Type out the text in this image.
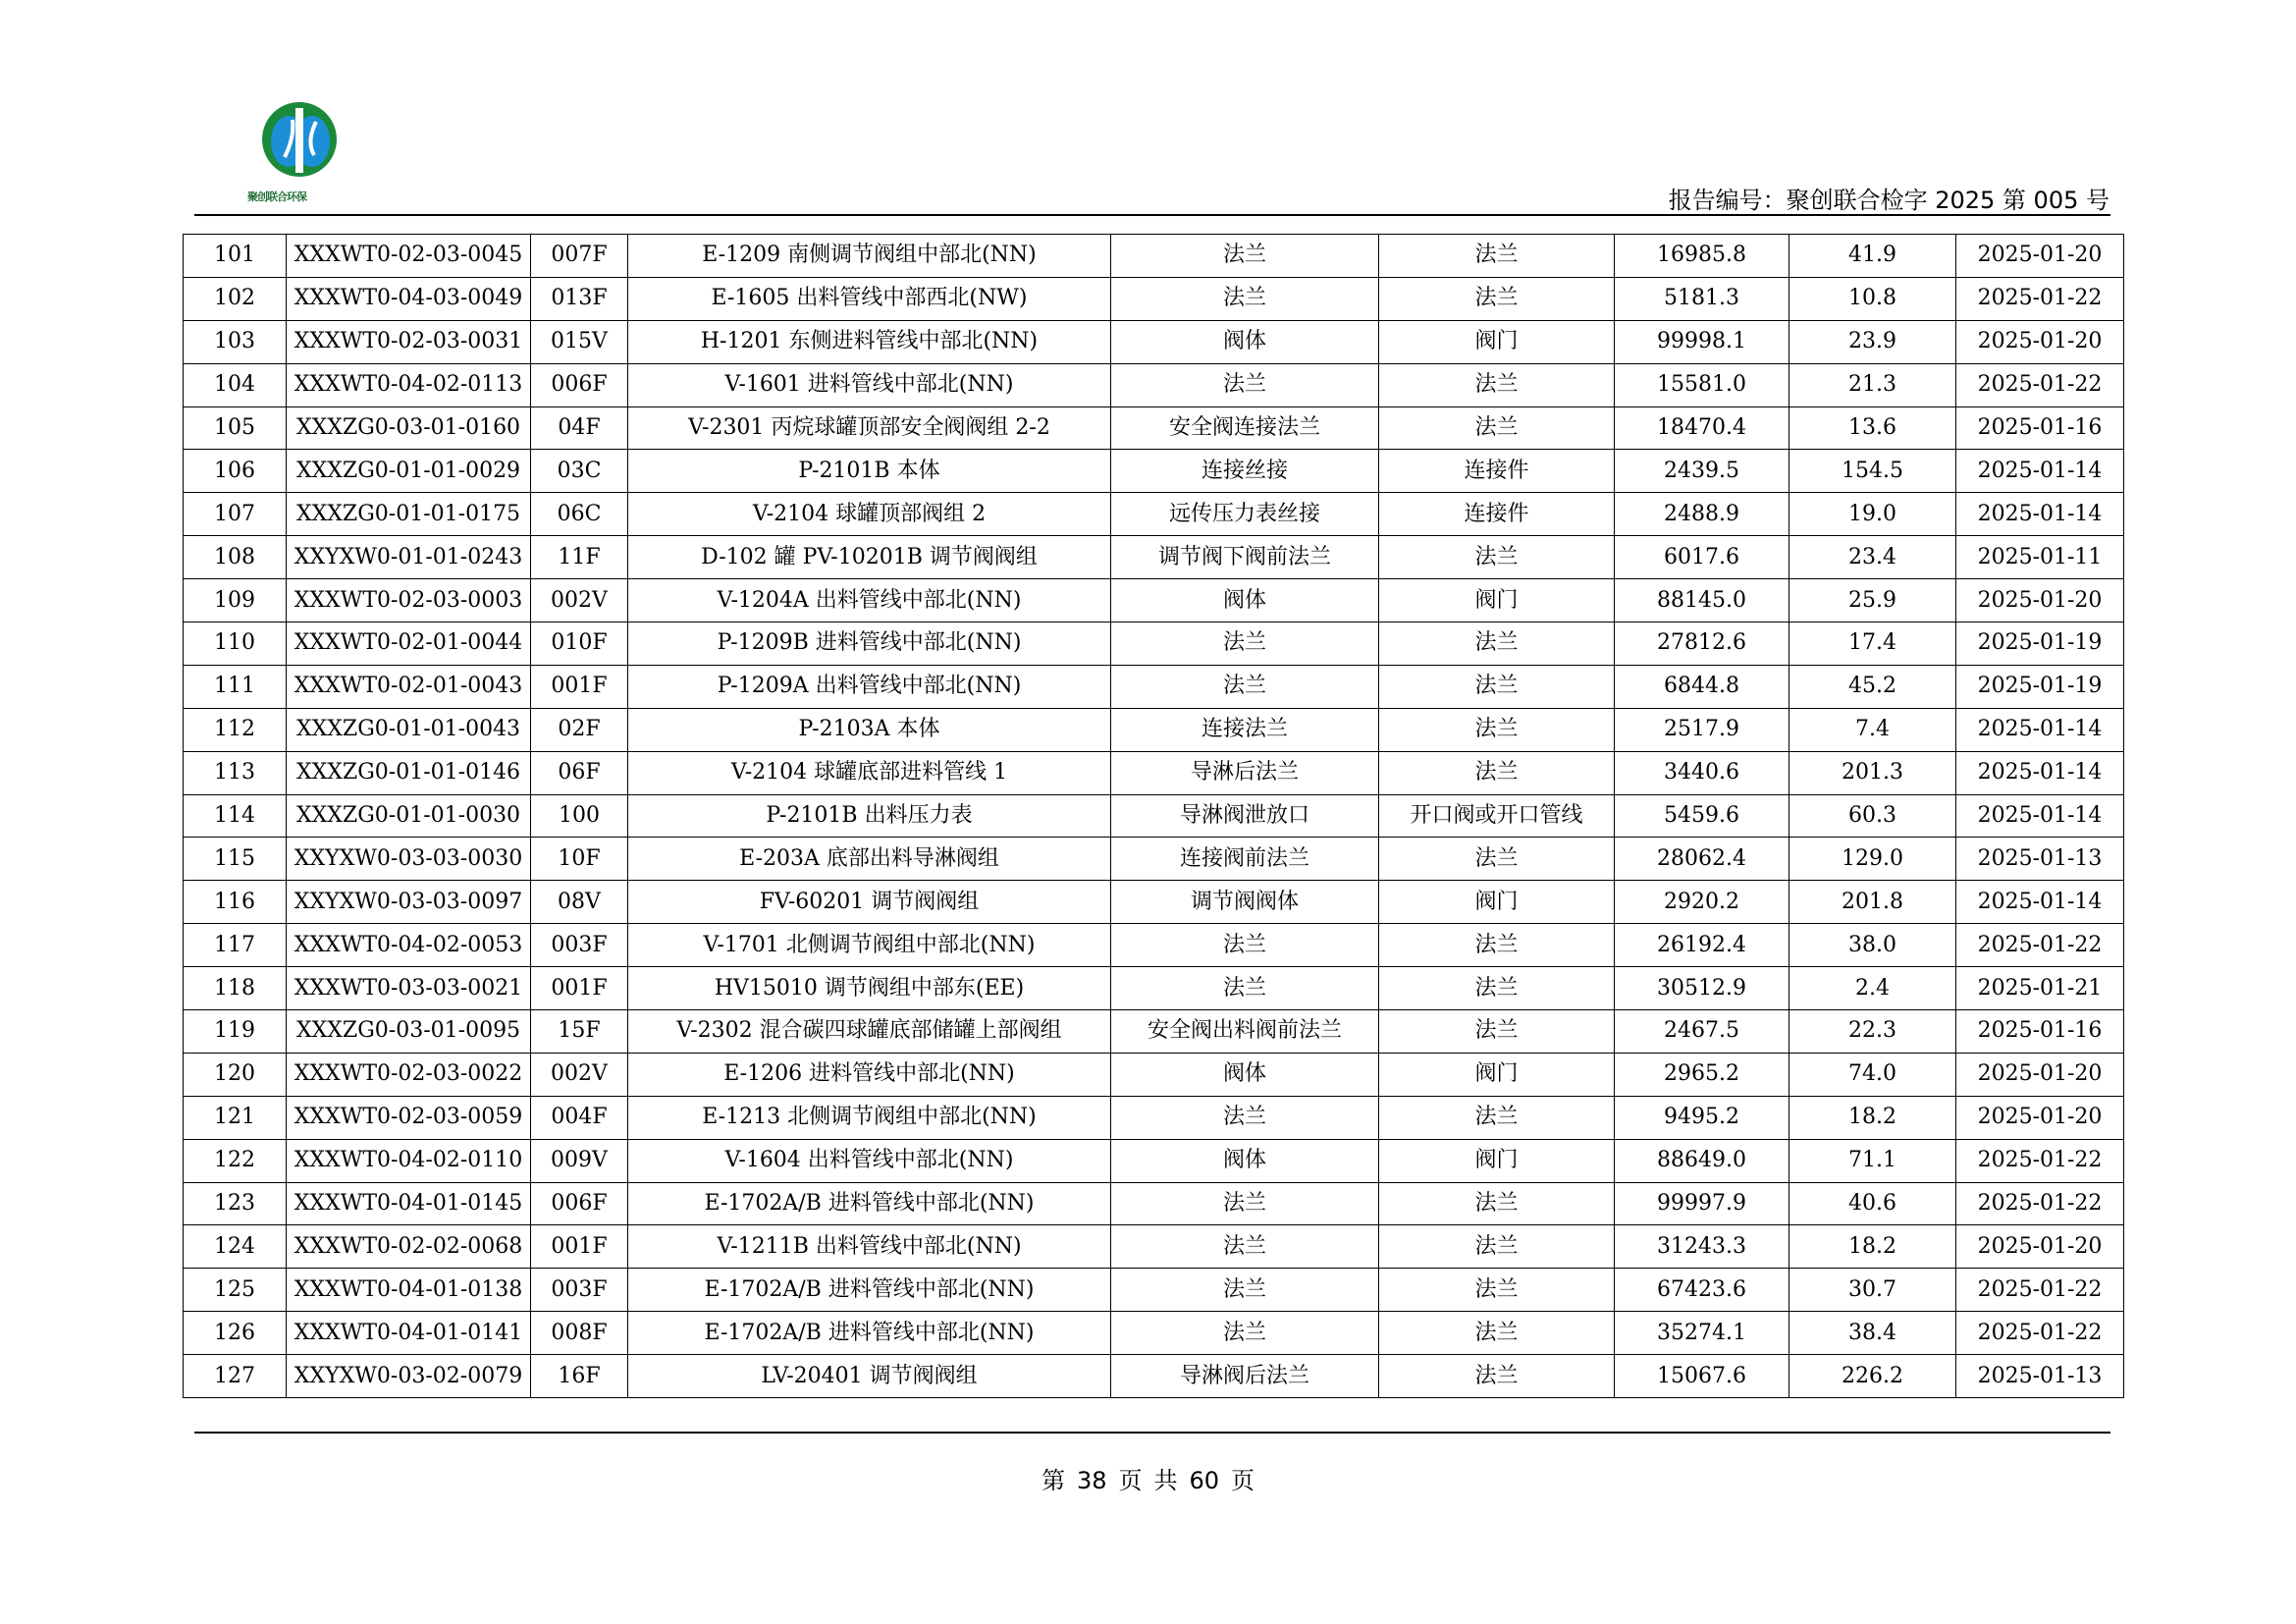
聚创联合环保	报告编号：聚创联合检字 2025 第 005 号
101	XXXWT0-02-03-0045	007F	E-1209 南侧调节阀组中部北(NN)	法兰	法兰	16985.8	41.9	2025-01-20
102	XXXWT0-04-03-0049	013F	E-1605 出料管线中部西北(NW)	法兰	法兰	5181.3	10.8	2025-01-22
103	XXXWT0-02-03-0031	015V	H-1201 东侧进料管线中部北(NN)	阀体	阀门	99998.1	23.9	2025-01-20
104	XXXWT0-04-02-0113	006F	V-1601 进料管线中部北(NN)	法兰	法兰	15581.0	21.3	2025-01-22
105	XXXZG0-03-01-0160	04F	V-2301 丙烷球罐顶部安全阀阀组 2-2	安全阀连接法兰	法兰	18470.4	13.6	2025-01-16
106	XXXZG0-01-01-0029	03C	P-2101B 本体	连接丝接	连接件	2439.5	154.5	2025-01-14
107	XXXZG0-01-01-0175	06C	V-2104 球罐顶部阀组 2	远传压力表丝接	连接件	2488.9	19.0	2025-01-14
108	XXYXW0-01-01-0243	11F	D-102 罐 PV-10201B 调节阀阀组	调节阀下阀前法兰	法兰	6017.6	23.4	2025-01-11
109	XXXWT0-02-03-0003	002V	V-1204A 出料管线中部北(NN)	阀体	阀门	88145.0	25.9	2025-01-20
110	XXXWT0-02-01-0044	010F	P-1209B 进料管线中部北(NN)	法兰	法兰	27812.6	17.4	2025-01-19
111	XXXWT0-02-01-0043	001F	P-1209A 出料管线中部北(NN)	法兰	法兰	6844.8	45.2	2025-01-19
112	XXXZG0-01-01-0043	02F	P-2103A 本体	连接法兰	法兰	2517.9	7.4	2025-01-14
113	XXXZG0-01-01-0146	06F	V-2104 球罐底部进料管线 1	导淋后法兰	法兰	3440.6	201.3	2025-01-14
114	XXXZG0-01-01-0030	100	P-2101B 出料压力表	导淋阀泄放口	开口阀或开口管线	5459.6	60.3	2025-01-14
115	XXYXW0-03-03-0030	10F	E-203A 底部出料导淋阀组	连接阀前法兰	法兰	28062.4	129.0	2025-01-13
116	XXYXW0-03-03-0097	08V	FV-60201 调节阀阀组	调节阀阀体	阀门	2920.2	201.8	2025-01-14
117	XXXWT0-04-02-0053	003F	V-1701 北侧调节阀组中部北(NN)	法兰	法兰	26192.4	38.0	2025-01-22
118	XXXWT0-03-03-0021	001F	HV15010 调节阀组中部东(EE)	法兰	法兰	30512.9	2.4	2025-01-21
119	XXXZG0-03-01-0095	15F	V-2302 混合碳四球罐底部储罐上部阀组	安全阀出料阀前法兰	法兰	2467.5	22.3	2025-01-16
120	XXXWT0-02-03-0022	002V	E-1206 进料管线中部北(NN)	阀体	阀门	2965.2	74.0	2025-01-20
121	XXXWT0-02-03-0059	004F	E-1213 北侧调节阀组中部北(NN)	法兰	法兰	9495.2	18.2	2025-01-20
122	XXXWT0-04-02-0110	009V	V-1604 出料管线中部北(NN)	阀体	阀门	88649.0	71.1	2025-01-22
123	XXXWT0-04-01-0145	006F	E-1702A/B 进料管线中部北(NN)	法兰	法兰	99997.9	40.6	2025-01-22
124	XXXWT0-02-02-0068	001F	V-1211B 出料管线中部北(NN)	法兰	法兰	31243.3	18.2	2025-01-20
125	XXXWT0-04-01-0138	003F	E-1702A/B 进料管线中部北(NN)	法兰	法兰	67423.6	30.7	2025-01-22
126	XXXWT0-04-01-0141	008F	E-1702A/B 进料管线中部北(NN)	法兰	法兰	35274.1	38.4	2025-01-22
127	XXYXW0-03-02-0079	16F	LV-20401 调节阀阀组	导淋阀后法兰	法兰	15067.6	226.2	2025-01-13
第 38 页 共 60 页
